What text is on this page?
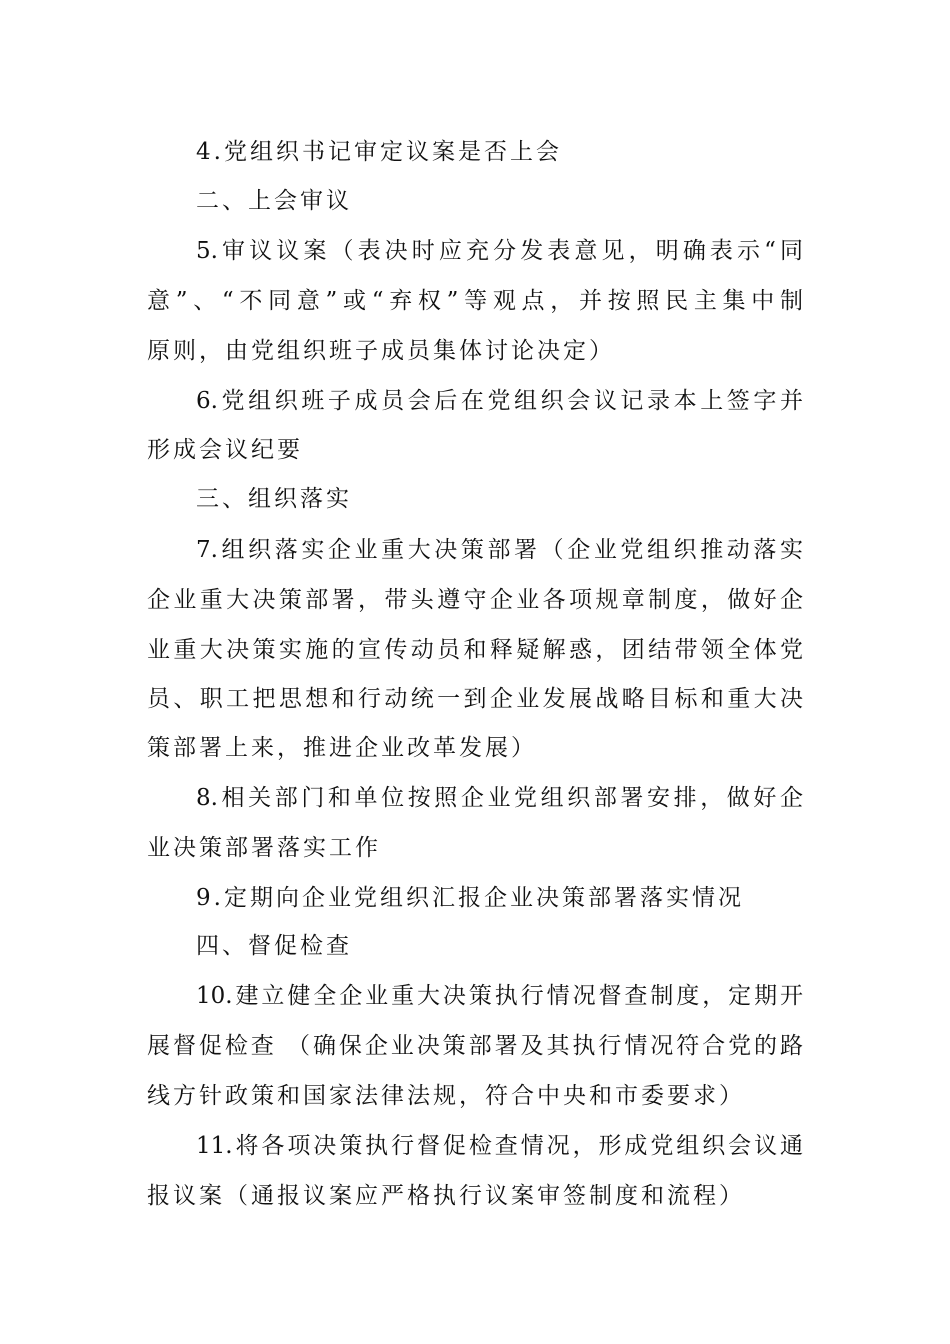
4.党组织书记审定议案是否上会
二、上会审议
5.审议议案（表决时应充分发表意见，明确表示“同
意”、“不同意”或“弃权”等观点，并按照民主集中制
原则，由党组织班子成员集体讨论决定）
6.党组织班子成员会后在党组织会议记录本上签字并
形成会议纪要
三、组织落实
7.组织落实企业重大决策部署（企业党组织推动落实
企业重大决策部署，带头遵守企业各项规章制度，做好企
业重大决策实施的宣传动员和释疑解惑，团结带领全体党
员、职工把思想和行动统一到企业发展战略目标和重大决
策部署上来，推进企业改革发展）
8.相关部门和单位按照企业党组织部署安排，做好企
业决策部署落实工作
9.定期向企业党组织汇报企业决策部署落实情况
四、督促检查
10.建立健全企业重大决策执行情况督查制度，定期开
展督促检查 （确保企业决策部署及其执行情况符合党的路
线方针政策和国家法律法规，符合中央和市委要求）
11.将各项决策执行督促检查情况，形成党组织会议通
报议案（通报议案应严格执行议案审签制度和流程）
